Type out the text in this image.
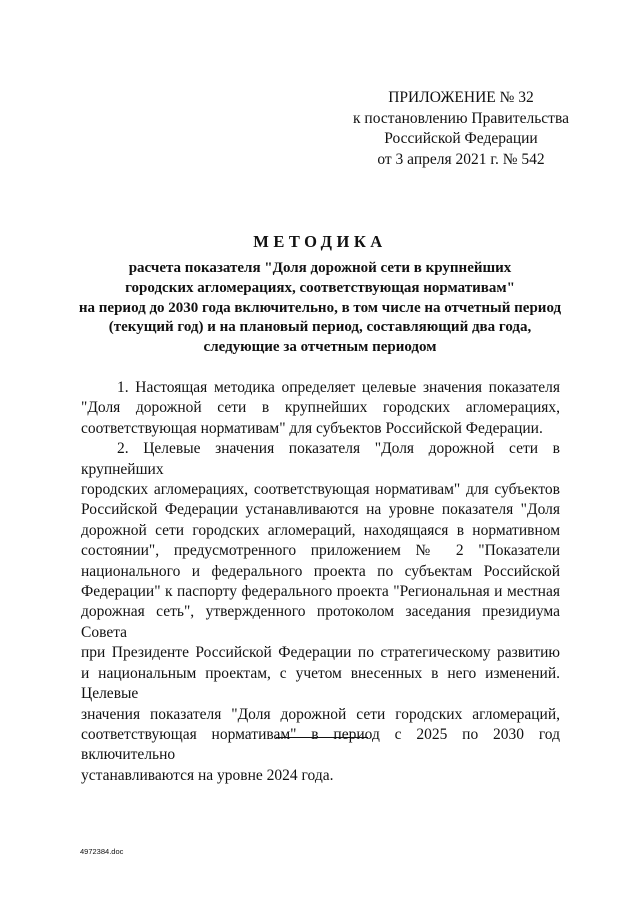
ПРИЛОЖЕНИЕ № 32
к постановлению Правительства
Российской Федерации
от 3 апреля 2021 г. № 542
МЕТОДИКА
расчета показателя "Доля дорожной сети в крупнейших
городских агломерациях, соответствующая нормативам"
на период до 2030 года включительно, в том числе на отчетный период
(текущий год) и на плановый период, составляющий два года,
следующие за отчетным периодом
1. Настоящая методика определяет целевые значения показателя
"Доля дорожной сети в крупнейших городских агломерациях,
соответствующая нормативам" для субъектов Российской Федерации.
2. Целевые значения показателя "Доля дорожной сети в крупнейших
городских агломерациях, соответствующая нормативам" для субъектов
Российской Федерации устанавливаются на уровне показателя "Доля
дорожной сети городских агломераций, находящаяся в нормативном
состоянии", предусмотренного приложением № 2 "Показатели
национального и федерального проекта по субъектам Российской
Федерации" к паспорту федерального проекта "Региональная и местная
дорожная сеть", утвержденного протоколом заседания президиума Совета
при Президенте Российской Федерации по стратегическому развитию
и национальным проектам, с учетом внесенных в него изменений. Целевые
значения показателя "Доля дорожной сети городских агломераций,
соответствующая нормативам" в период с 2025 по 2030 год включительно
устанавливаются на уровне 2024 года.
4972384.doc
